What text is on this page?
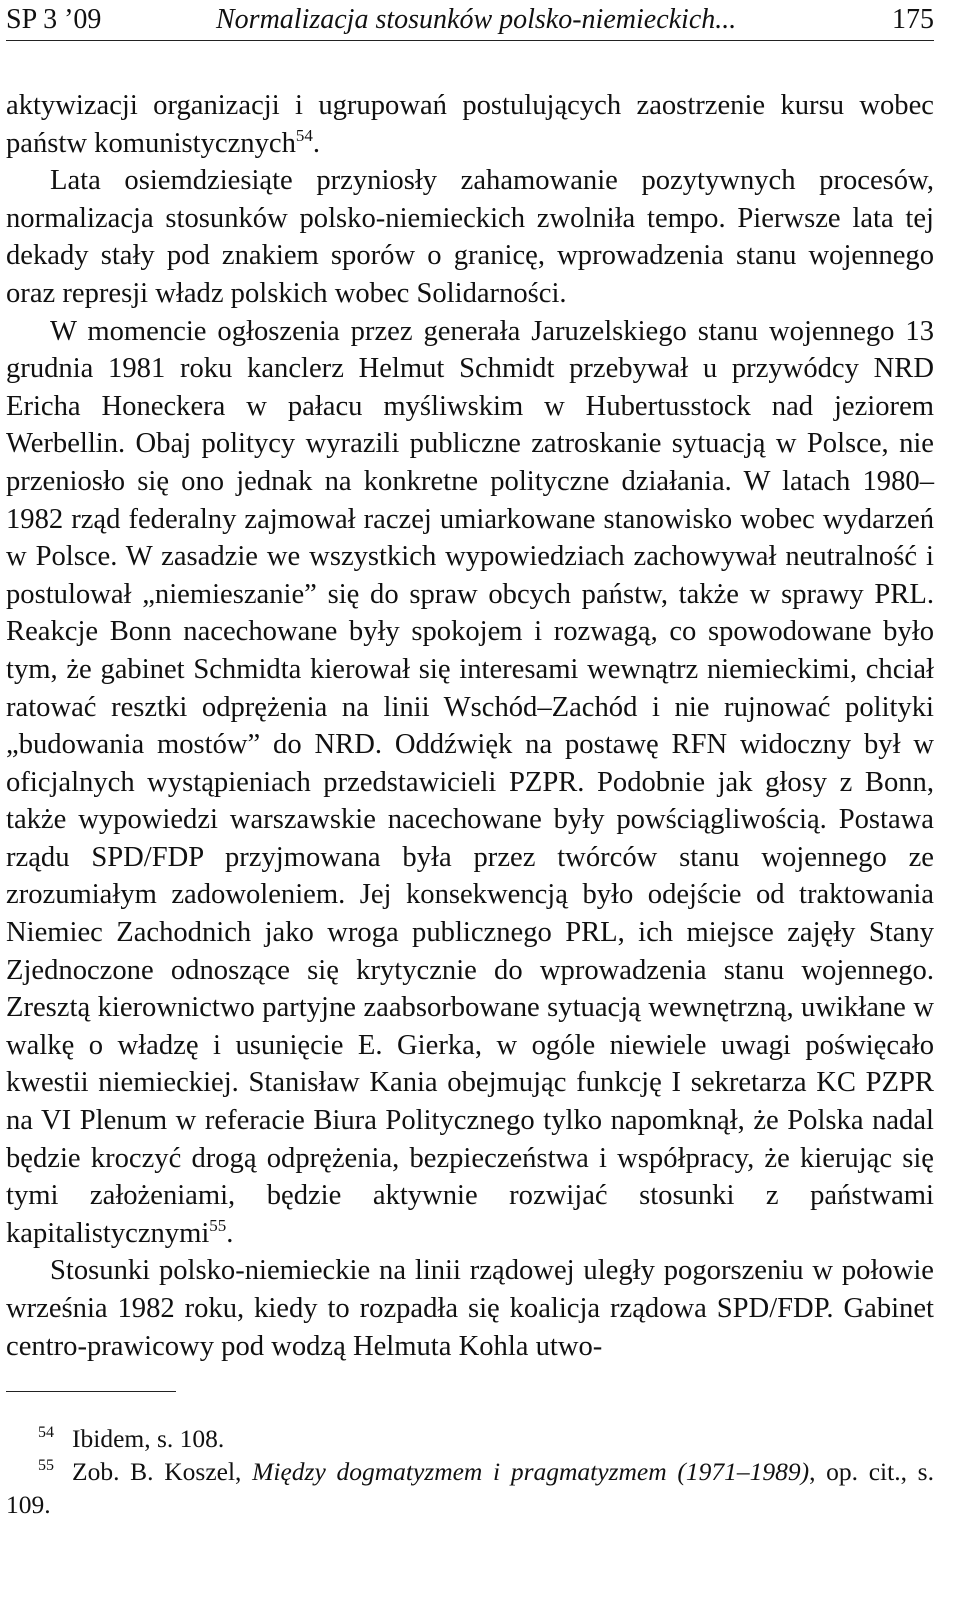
SP 3 ’09	Normalizacja stosunków polsko-niemieckich...	175

aktywizacji organizacji i ugrupowań postulujących zaostrzenie kursu wobec państw komunistycznych$^{54}$.

Lata osiemdziesiąte przyniosły zahamowanie pozytywnych procesów, normalizacja stosunków polsko-niemieckich zwolniła tempo. Pierwsze lata tej dekady stały pod znakiem sporów o granicę, wprowadzenia stanu wojennego oraz represji władz polskich wobec Solidarności.

W momencie ogłoszenia przez generała Jaruzelskiego stanu wojennego 13 grudnia 1981 roku kanclerz Helmut Schmidt przebywał u przywódcy NRD Ericha Honeckera w pałacu myśliwskim w Hubertusstock nad jeziorem Werbellin. Obaj politycy wyrazili publiczne zatroskanie sytuacją w Polsce, nie przeniosło się ono jednak na konkretne polityczne działania. W latach 1980–1982 rząd federalny zajmował raczej umiarkowane stanowisko wobec wydarzeń w Polsce. W zasadzie we wszystkich wypowiedziach zachowywał neutralność i postulował „niemieszanie” się do spraw obcych państw, także w sprawy PRL. Reakcje Bonn nacechowane były spokojem i rozwagą, co spowodowane było tym, że gabinet Schmidta kierował się interesami wewnątrz niemieckimi, chciał ratować resztki odprężenia na linii Wschód–Zachód i nie rujnować polityki „budowania mostów” do NRD. Oddźwięk na postawę RFN widoczny był w oficjalnych wystąpieniach przedstawicieli PZPR. Podobnie jak głosy z Bonn, także wypowiedzi warszawskie nacechowane były powściągliwością. Postawa rządu SPD/FDP przyjmowana była przez twórców stanu wojennego ze zrozumiałym zadowoleniem. Jej konsekwencją było odejście od traktowania Niemiec Zachodnich jako wroga publicznego PRL, ich miejsce zajęły Stany Zjednoczone odnoszące się krytycznie do wprowadzenia stanu wojennego. Zresztą kierownictwo partyjne zaabsorbowane sytuacją wewnętrzną, uwikłane w walkę o władzę i usunięcie E. Gierka, w ogóle niewiele uwagi poświęcało kwestii niemieckiej. Stanisław Kania obejmując funkcję I sekretarza KC PZPR na VI Plenum w referacie Biura Politycznego tylko napomknął, że Polska nadal będzie kroczyć drogą odprężenia, bezpieczeństwa i współpracy, że kierując się tymi założeniami, będzie aktywnie rozwijać stosunki z państwami kapitalistycznymi$^{55}$.

Stosunki polsko-niemieckie na linii rządowej uległy pogorszeniu w połowie września 1982 roku, kiedy to rozpadła się koalicja rządowa SPD/FDP. Gabinet centro-prawicowy pod wodzą Helmuta Kohla utwo-

54 Ibidem, s. 108.

55 Zob. B. Koszel, Między dogmatyzmem i pragmatyzmem (1971–1989), op. cit., s. 109.
